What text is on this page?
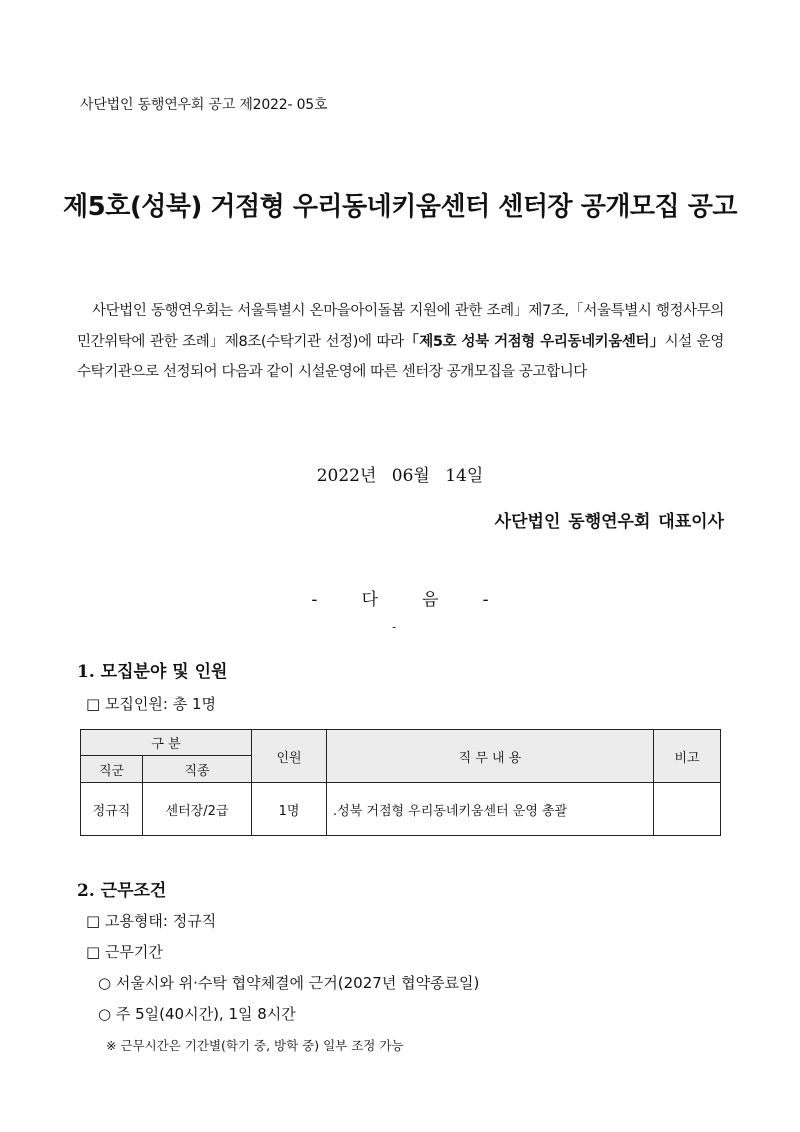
사단법인 동행연우회 공고 제2022- 05호
제5호(성북) 거점형 우리동네키움센터 센터장 공개모집 공고
사단법인 동행연우회는 서울특별시 온마을아이돌봄 지원에 관한 조례」제7조,「서울특별시 행정사무의 민간위탁에 관한 조례」제8조(수탁기관 선정)에 따라「제5호 성북 거점형 우리동네키움센터」시설 운영 수탁기관으로 선정되어 다음과 같이 시설운영에 따른 센터장 공개모집을 공고합니다
2022년 06월 14일
사단법인 동행연우회 대표이사
-	다	음	-
-
1. 모집분야 및 인원
□ 모집인원: 총 1명
구 분		인원	직 무 내 용	비고
직군	직종			
정규직	센터장/2급	1명	.성북 거점형 우리동네키움센터 운영 총괄	
2. 근무조건
□ 고용형태: 정규직
□ 근무기간
○ 서울시와 위·수탁 협약체결에 근거(2027년 협약종료일)
○ 주 5일(40시간), 1일 8시간
※ 근무시간은 기간별(학기 중, 방학 중) 일부 조정 가능
